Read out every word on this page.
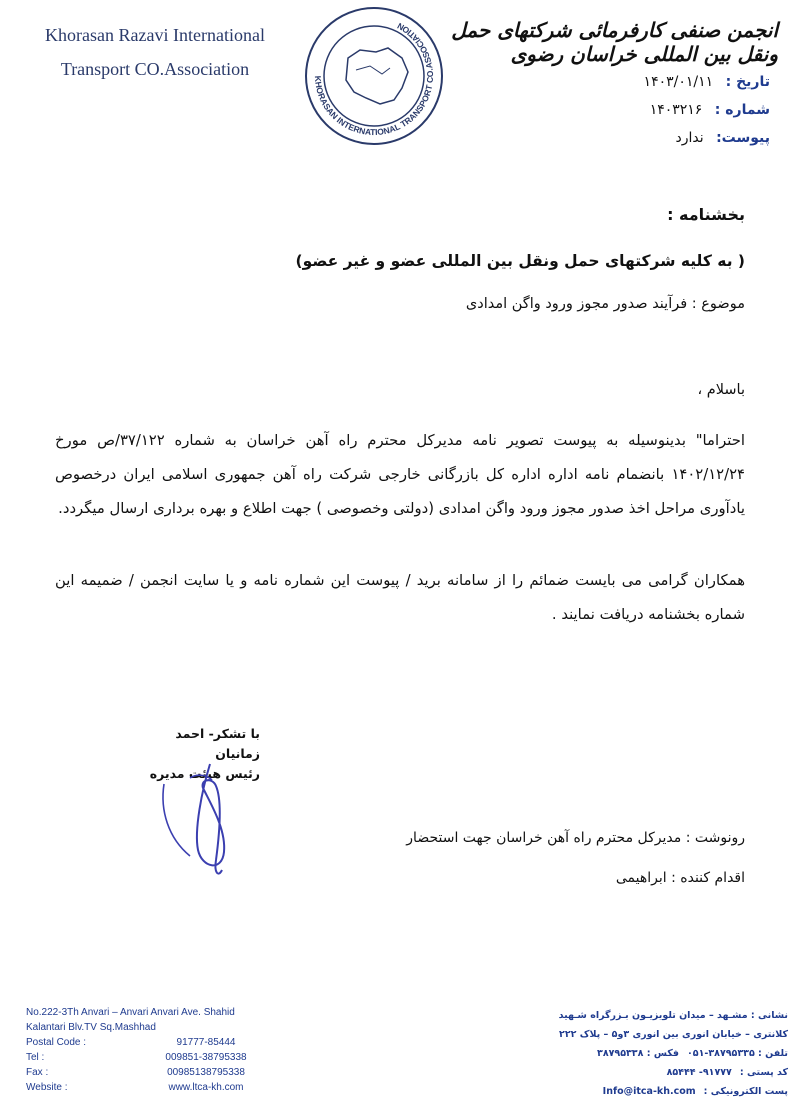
Khorasan Razavi International
Transport CO.Association	KHORASAN INTERNATIONAL TRANSPORT CO.ASSOCIATION	انجمن صنفی کارفرمائی شرکتهای حمل ونقل بین المللی خراسان رضوی
تاریخ : ۱۴۰۳/۰۱/۱۱
شماره : ۱۴۰۳۲۱۶
پیوست: ندارد
بخشنامه :
( به کلیه شرکتهای حمل ونقل بین المللی عضو و غیر عضو)
موضوع : فرآیند صدور مجوز ورود واگن امدادی
باسلام ،
احتراما" بدینوسیله به پیوست تصویر نامه مدیرکل محترم راه آهن خراسان به شماره ۳۷/۱۲۲/ص مورخ ۱۴۰۲/۱۲/۲۴ بانضمام نامه اداره اداره کل بازرگانی خارجی شرکت راه آهن جمهوری اسلامی ایران درخصوص یادآوری مراحل اخذ صدور مجوز ورود واگن امدادی (دولتی وخصوصی ) جهت اطلاع و بهره برداری ارسال میگردد.
همکاران گرامی می بایست ضمائم را از سامانه برید / پیوست این شماره نامه و یا سایت انجمن / ضمیمه این شماره بخشنامه دریافت نمایند .
با تشکر- احمد زمانیان
رئیس هیئت مدیره
رونوشت : مدیرکل محترم راه آهن خراسان جهت استحضار
اقدام کننده : ابراهیمی
No.222-3Th Anvari – Anvari Anvari Ave. Shahid
Kalantari Blv.TV Sq.Mashhad
Postal Code :	91777-85444
Tel :	009851-38795338
Fax :	00985138795338
Website :	www.ltca-kh.com
نشانی : مشـهد – میدان تلویزیـون بـزرگراه شـهید
کلانتری – خیابان انوری بین انوری ۳و۵ – پلاک ۲۲۲
تلفن : ۳۸۷۹۵۳۳۵-۰۵۱
فکس : ۳۸۷۹۵۳۳۸
کد پستی :
۹۱۷۷۷- ۸۵۴۴۴
پست الکترونیکی :
Info@itca-kh.com
